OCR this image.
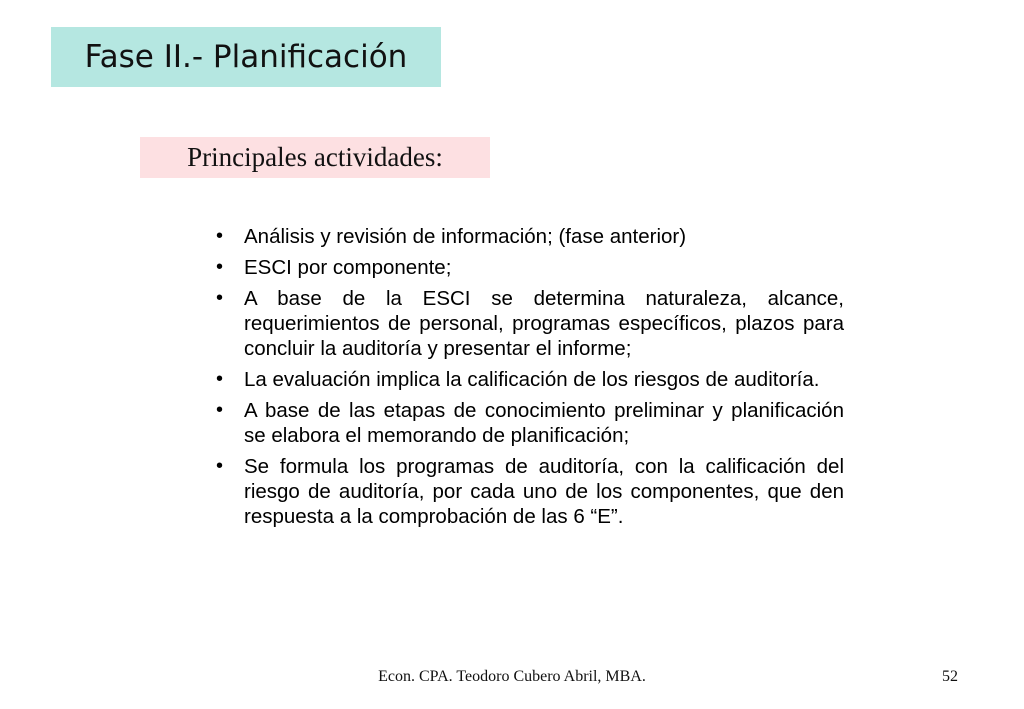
Fase II.- Planificación
Principales actividades:
• Análisis y revisión de información; (fase anterior)
• ESCI por componente;
• A base de la ESCI se determina naturaleza, alcance, requerimientos de personal, programas específicos, plazos para concluir la auditoría y presentar el informe;
• La evaluación implica la calificación de los riesgos de auditoría.
• A base de las etapas de conocimiento preliminar y planificación se elabora el memorando de planificación;
• Se formula los programas de auditoría, con la calificación del riesgo de auditoría, por cada uno de los componentes, que den respuesta a la comprobación de las 6 “E”.
Econ. CPA. Teodoro Cubero Abril, MBA.	52
